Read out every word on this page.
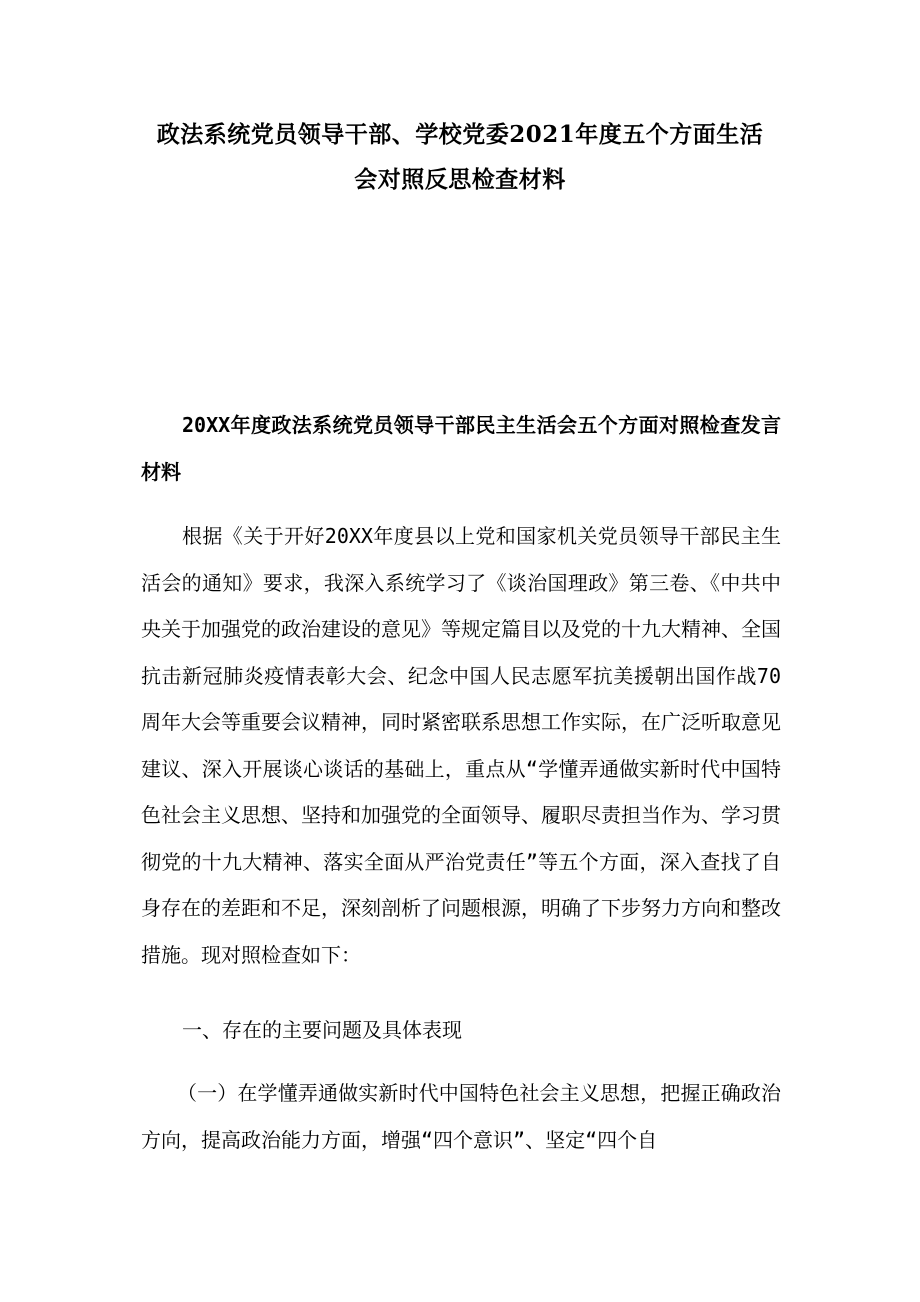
政法系统党员领导干部、学校党委2021年度五个方面生活
会对照反思检查材料

20XX年度政法系统党员领导干部民主生活会五个方面对照检查发言材料

根据《关于开好20XX年度县以上党和国家机关党员领导干部民主生活会的通知》要求，我深入系统学习了《谈治国理政》第三卷、《中共中央关于加强党的政治建设的意见》等规定篇目以及党的十九大精神、全国抗击新冠肺炎疫情表彰大会、纪念中国人民志愿军抗美援朝出国作战70周年大会等重要会议精神，同时紧密联系思想工作实际，在广泛听取意见建议、深入开展谈心谈话的基础上，重点从“学懂弄通做实新时代中国特色社会主义思想、坚持和加强党的全面领导、履职尽责担当作为、学习贯彻党的十九大精神、落实全面从严治党责任”等五个方面，深入查找了自身存在的差距和不足，深刻剖析了问题根源，明确了下步努力方向和整改措施。现对照检查如下：

一、存在的主要问题及具体表现

（一）在学懂弄通做实新时代中国特色社会主义思想，把握正确政治方向，提高政治能力方面，增强“四个意识”、坚定“四个自
